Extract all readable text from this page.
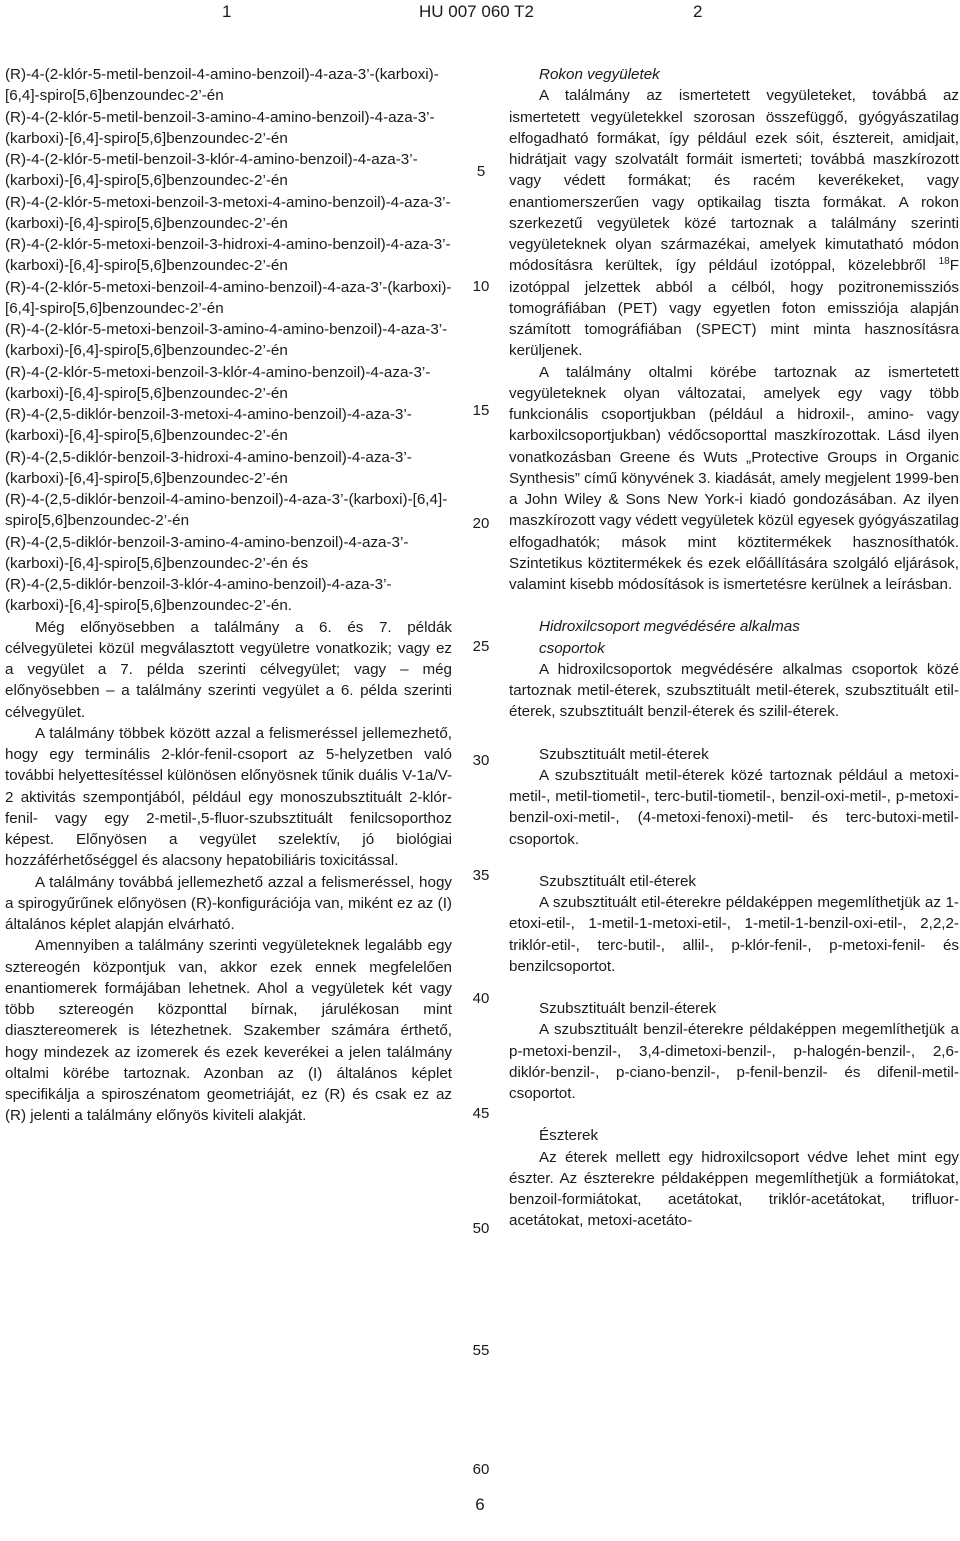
1	HU 007 060 T2	2

(R)-4-(2-klór-5-metil-benzoil-4-amino-benzoil)-4-aza-3’-(karboxi)-[6,4]-spiro[5,6]benzoundec-2’-én

(R)-4-(2-klór-5-metil-benzoil-3-amino-4-amino-benzoil)-4-aza-3’-(karboxi)-[6,4]-spiro[5,6]benzoundec-2’-én

(R)-4-(2-klór-5-metil-benzoil-3-klór-4-amino-benzoil)-4-aza-3’-(karboxi)-[6,4]-spiro[5,6]benzoundec-2’-én

(R)-4-(2-klór-5-metoxi-benzoil-3-metoxi-4-amino-benzoil)-4-aza-3’-(karboxi)-[6,4]-spiro[5,6]benzoundec-2’-én

(R)-4-(2-klór-5-metoxi-benzoil-3-hidroxi-4-amino-benzoil)-4-aza-3’-(karboxi)-[6,4]-spiro[5,6]benzoundec-2’-én

(R)-4-(2-klór-5-metoxi-benzoil-4-amino-benzoil)-4-aza-3’-(karboxi)-[6,4]-spiro[5,6]benzoundec-2’-én

(R)-4-(2-klór-5-metoxi-benzoil-3-amino-4-amino-benzoil)-4-aza-3’-(karboxi)-[6,4]-spiro[5,6]benzoundec-2’-én

(R)-4-(2-klór-5-metoxi-benzoil-3-klór-4-amino-benzoil)-4-aza-3’-(karboxi)-[6,4]-spiro[5,6]benzoundec-2’-én

(R)-4-(2,5-diklór-benzoil-3-metoxi-4-amino-benzoil)-4-aza-3’-(karboxi)-[6,4]-spiro[5,6]benzoundec-2’-én

(R)-4-(2,5-diklór-benzoil-3-hidroxi-4-amino-benzoil)-4-aza-3’-(karboxi)-[6,4]-spiro[5,6]benzoundec-2’-én

(R)-4-(2,5-diklór-benzoil-4-amino-benzoil)-4-aza-3’-(karboxi)-[6,4]-spiro[5,6]benzoundec-2’-én

(R)-4-(2,5-diklór-benzoil-3-amino-4-amino-benzoil)-4-aza-3’-(karboxi)-[6,4]-spiro[5,6]benzoundec-2’-én és

(R)-4-(2,5-diklór-benzoil-3-klór-4-amino-benzoil)-4-aza-3’-(karboxi)-[6,4]-spiro[5,6]benzoundec-2’-én.

Még előnyösebben a találmány a 6. és 7. példák célvegyületei közül megválasztott vegyületre vonatkozik; vagy ez a vegyület a 7. példa szerinti célvegyület; vagy – még előnyösebben – a találmány szerinti vegyület a 6. példa szerinti célvegyület.

A találmány többek között azzal a felismeréssel jellemezhető, hogy egy terminális 2-klór-fenil-csoport az 5-helyzetben való további helyettesítéssel különösen előnyösnek tűnik duális V-1a/V-2 aktivitás szempontjából, például egy monoszubsztituált 2-klór-fenil- vagy egy 2-metil-,5-fluor-szubsztituált fenilcsoporthoz képest. Előnyösen a vegyület szelektív, jó biológiai hozzáférhetőséggel és alacsony hepatobiliáris toxicitással.

A találmány továbbá jellemezhető azzal a felismeréssel, hogy a spirogyűrűnek előnyösen (R)-konfigurációja van, miként ez az (I) általános képlet alapján elvárható.

Amennyiben a találmány szerinti vegyületeknek legalább egy sztereogén központjuk van, akkor ezek ennek megfelelően enantiomerek formájában lehetnek. Ahol a vegyületek két vagy több sztereogén központtal bírnak, járulékosan mint diasztereomerek is létezhetnek. Szakember számára érthető, hogy mindezek az izomerek és ezek keverékei a jelen találmány oltalmi körébe tartoznak. Azonban az (I) általános képlet specifikálja a spiroszénatom geometriáját, ez (R) és csak ez az (R) jelenti a találmány előnyös kiviteli alakját.

5
10
15
20
25
30
35
40
45
50
55
60

Rokon vegyületek

A találmány az ismertetett vegyületeket, továbbá az ismertetett vegyületekkel szorosan összefüggő, gyógyászatilag elfogadható formákat, így például ezek sóit, észtereit, amidjait, hidrátjait vagy szolvatált formáit ismerteti; továbbá maszkírozott vagy védett formákat; és racém keverékeket, vagy enantiomerszerűen vagy optikailag tiszta formákat. A rokon szerkezetű vegyületek közé tartoznak a találmány szerinti vegyületeknek olyan származékai, amelyek kimutatható módon módosításra kerültek, így például izotóppal, közelebbről $^{18}$F izotóppal jelzettek abból a célból, hogy pozitronemissziós tomográfiában (PET) vagy egyetlen foton emissziója alapján számított tomográfiában (SPECT) mint minta hasznosításra kerüljenek.

A találmány oltalmi körébe tartoznak az ismertetett vegyületeknek olyan változatai, amelyek egy vagy több funkcionális csoportjukban (például a hidroxil-, amino- vagy karboxilcsoportjukban) védőcsoporttal maszkírozottak. Lásd ilyen vonatkozásban Greene és Wuts „Protective Groups in Organic Synthesis” című könyvének 3. kiadását, amely megjelent 1999-ben a John Wiley & Sons New York-i kiadó gondozásában. Az ilyen maszkírozott vagy védett vegyületek közül egyesek gyógyászatilag elfogadhatók; mások mint köztitermékek hasznosíthatók. Szintetikus köztitermékek és ezek előállítására szolgáló eljárások, valamint kisebb módosítások is ismertetésre kerülnek a leírásban.

Hidroxilcsoport megvédésére alkalmas

csoportok

A hidroxilcsoportok megvédésére alkalmas csoportok közé tartoznak metil-éterek, szubsztituált metil-éterek, szubsztituált etil-éterek, szubsztituált benzil-éterek és szilil-éterek.

Szubsztituált metil-éterek

A szubsztituált metil-éterek közé tartoznak például a metoxi-metil-, metil-tiometil-, terc-butil-tiometil-, benzil-oxi-metil-, p-metoxi-benzil-oxi-metil-, (4-metoxi-fenoxi)-metil- és terc-butoxi-metil-csoportok.

Szubsztituált etil-éterek

A szubsztituált etil-éterekre példaképpen megemlíthetjük az 1-etoxi-etil-, 1-metil-1-metoxi-etil-, 1-metil-1-benzil-oxi-etil-, 2,2,2-triklór-etil-, terc-butil-, allil-, p-klór-fenil-, p-metoxi-fenil- és benzilcsoportot.

Szubsztituált benzil-éterek

A szubsztituált benzil-éterekre példaképpen megemlíthetjük a p-metoxi-benzil-, 3,4-dimetoxi-benzil-, p-halogén-benzil-, 2,6-diklór-benzil-, p-ciano-benzil-, p-fenil-benzil- és difenil-metil-csoportot.

Észterek

Az éterek mellett egy hidroxilcsoport védve lehet mint egy észter. Az észterekre példaképpen megemlíthetjük a formiátokat, benzoil-formiátokat, acetátokat, triklór-acetátokat, trifluor-acetátokat, metoxi-acetáto-

6
